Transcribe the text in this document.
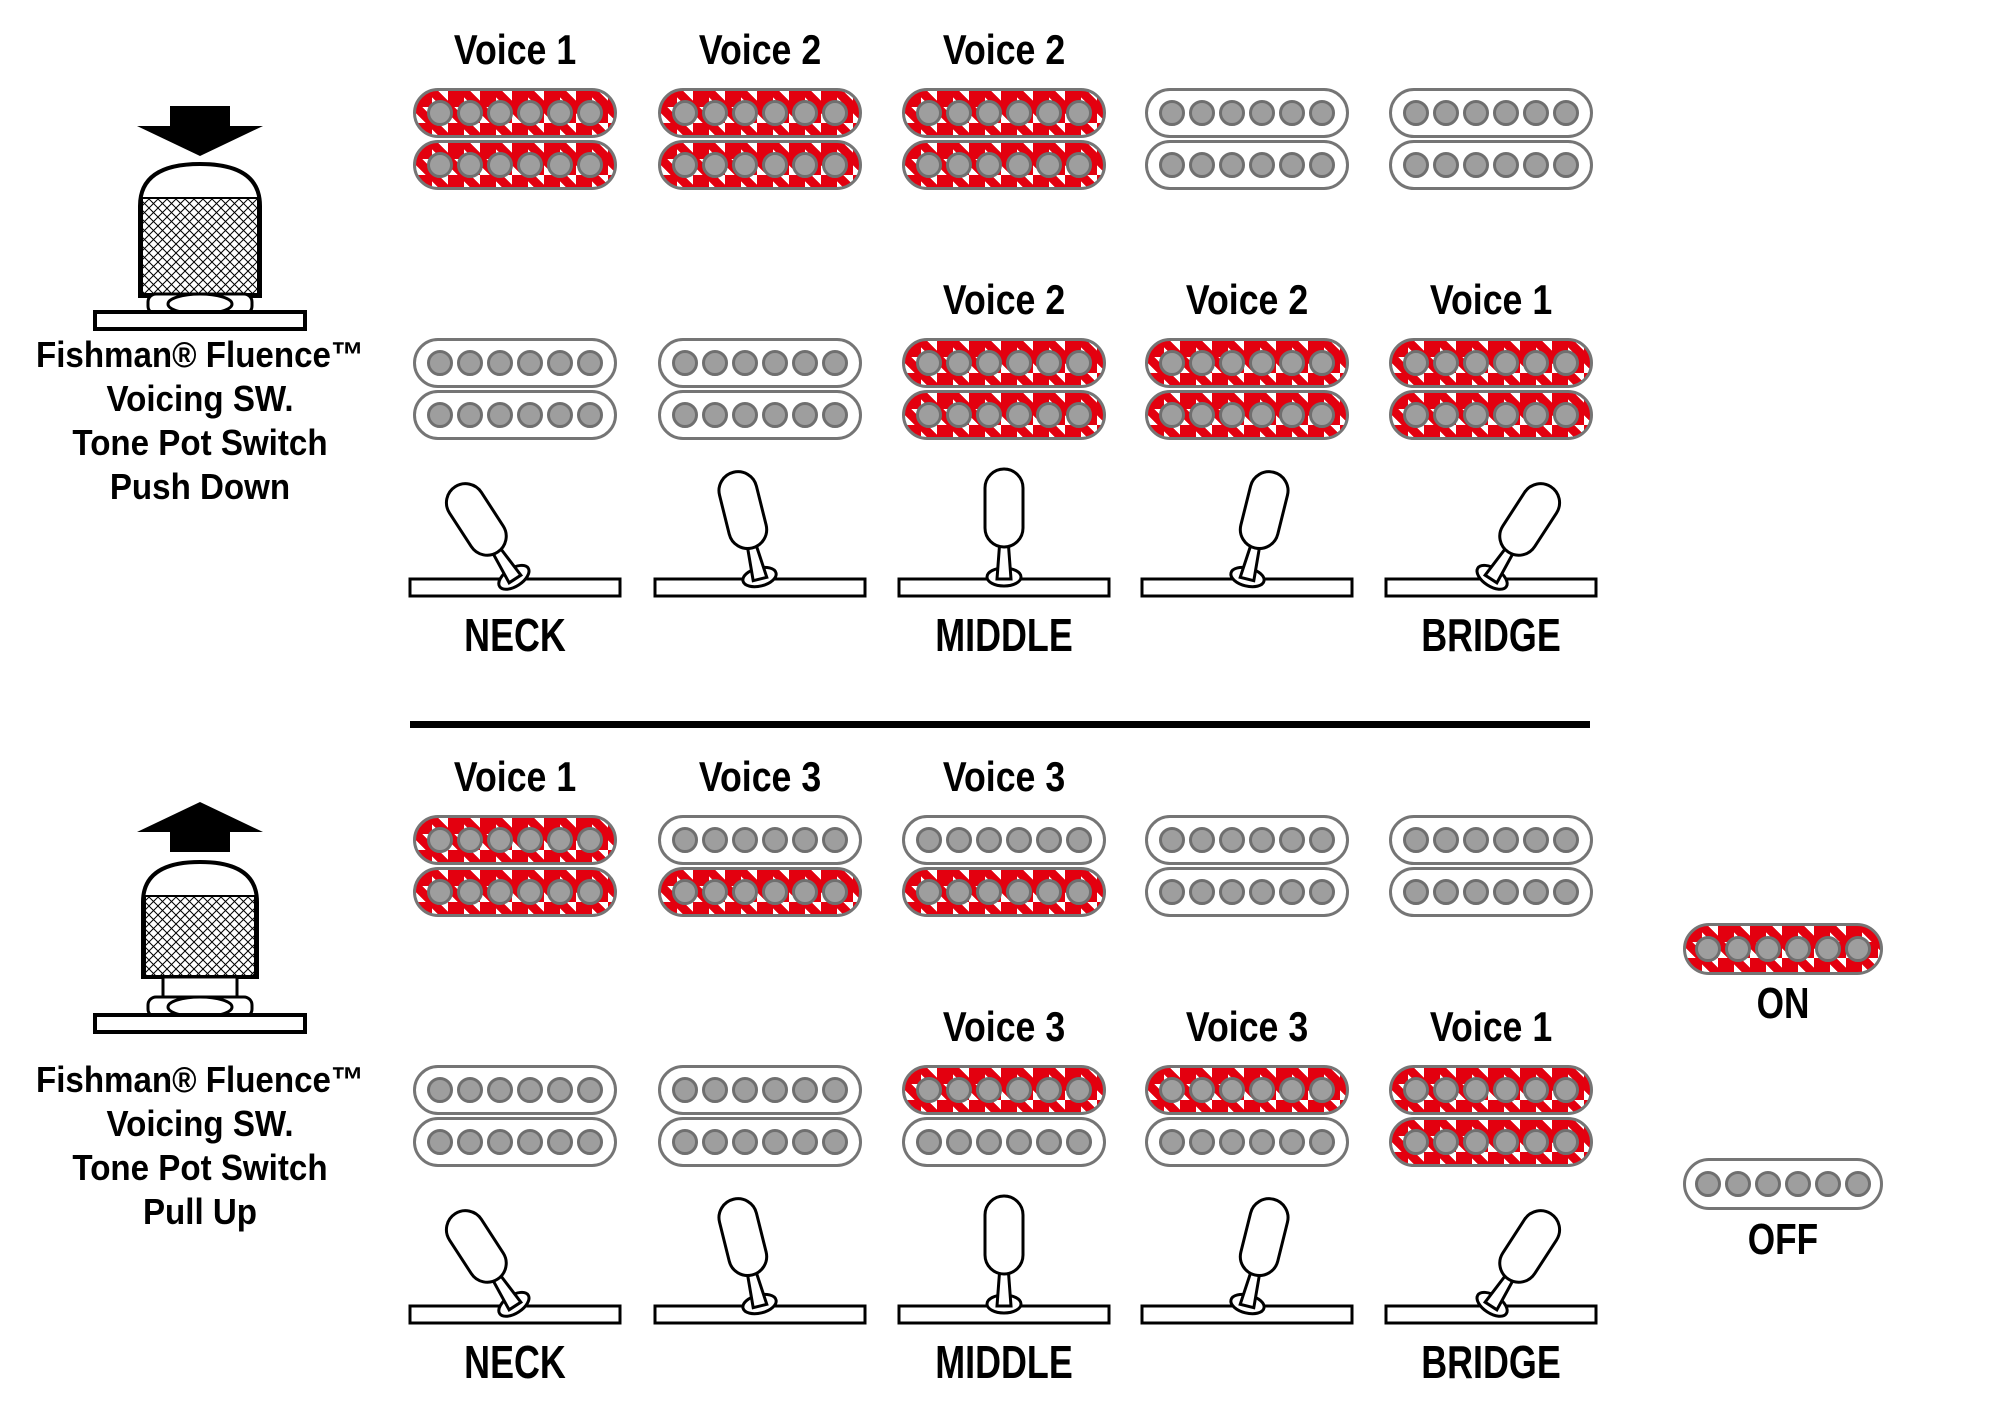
Fishman® Fluence™
Voicing SW.
Tone Pot Switch
Push Down
Fishman® Fluence™
Voicing SW.
Tone Pot Switch
Pull Up
ON
OFF
Voice 1
NECK
Voice 2	Voice 2
Voice 2
MIDDLE
Voice 2	Voice 1
BRIDGE
Voice 1
NECK
Voice 3	Voice 3
Voice 3
MIDDLE
Voice 3	Voice 1
BRIDGE
